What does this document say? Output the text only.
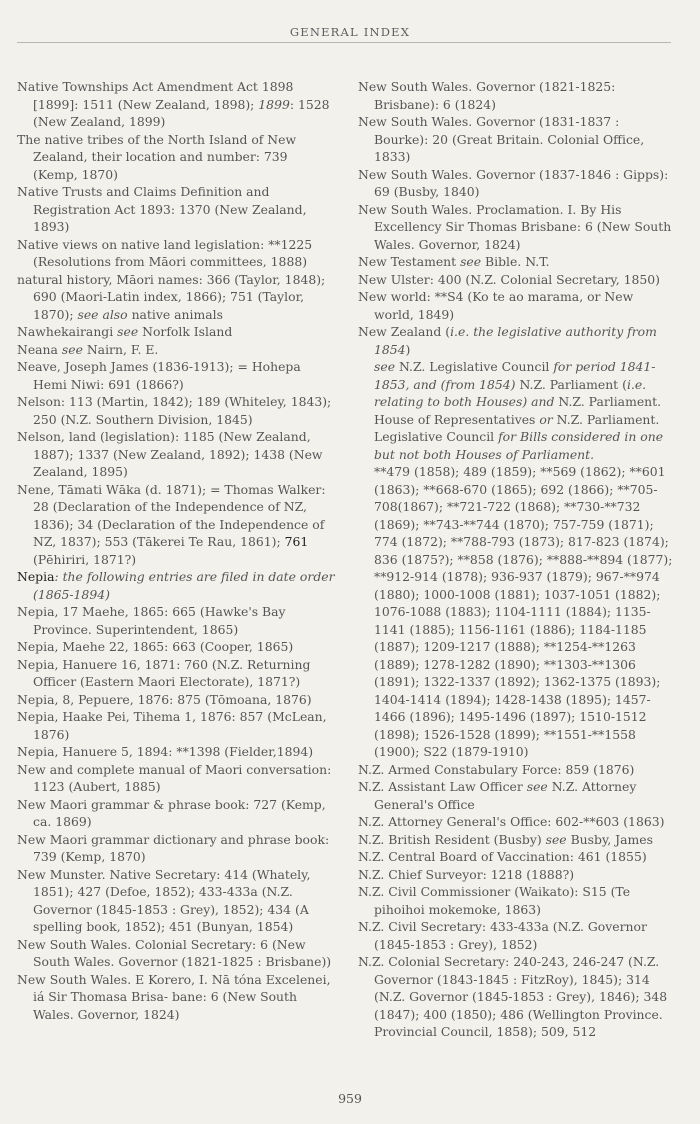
GENERAL INDEX

Native Townships Act Amendment Act 1898 [1899]: 1511 (New Zealand, 1898); 1899: 1528 (New Zealand, 1899)

The native tribes of the North Island of New Zealand, their location and number: 739 (Kemp, 1870)

Native Trusts and Claims Definition and Registration Act 1893: 1370 (New Zealand, 1893)

Native views on native land legislation: **1225 (Resolutions from Māori committees, 1888)

natural history, Māori names: 366 (Taylor, 1848); 690 (Maori-Latin index, 1866); 751 (Taylor, 1870); see also native animals

Nawhekairangi see Norfolk Island

Neana see Nairn, F. E.

Neave, Joseph James (1836-1913); = Hohepa Hemi Niwi: 691 (1866?)

Nelson: 113 (Martin, 1842); 189 (Whiteley, 1843); 250 (N.Z. Southern Division, 1845)

Nelson, land (legislation): 1185 (New Zealand, 1887); 1337 (New Zealand, 1892); 1438 (New Zealand, 1895)

Nene, Tāmati Wāka (d. 1871); = Thomas Walker: 28 (Declaration of the Independence of NZ, 1836); 34 (Declaration of the Independence of NZ, 1837); 553 (Tākerei Te Rau, 1861); 761 (Pēhiriri, 1871?)

Nepia: the following entries are filed in date order (1865-1894)

Nepia, 17 Maehe, 1865: 665 (Hawke's Bay Province. Superintendent, 1865)

Nepia, Maehe 22, 1865: 663 (Cooper, 1865)

Nepia, Hanuere 16, 1871: 760 (N.Z. Returning Officer (Eastern Maori Electorate), 1871?)

Nepia, 8, Pepuere, 1876: 875 (Tōmoana, 1876)

Nepia, Haake Pei, Tihema 1, 1876: 857 (McLean, 1876)

Nepia, Hanuere 5, 1894: **1398 (Fielder,1894)

New and complete manual of Maori conversation: 1123 (Aubert, 1885)

New Maori grammar & phrase book: 727 (Kemp, ca. 1869)

New Maori grammar dictionary and phrase book: 739 (Kemp, 1870)

New Munster. Native Secretary: 414 (Whately, 1851); 427 (Defoe, 1852); 433-433a (N.Z. Governor (1845-1853 : Grey), 1852); 434 (A spelling book, 1852); 451 (Bunyan, 1854)

New South Wales. Colonial Secretary: 6 (New South Wales. Governor (1821-1825 : Brisbane))

New South Wales. E Korero, I. Nā tóna Excelenei, iá Sir Thomasa Brisa- bane: 6 (New South Wales. Governor, 1824)

New South Wales. Governor (1821-1825: Brisbane): 6 (1824)

New South Wales. Governor (1831-1837 : Bourke): 20 (Great Britain. Colonial Office, 1833)

New South Wales. Governor (1837-1846 : Gipps): 69 (Busby, 1840)

New South Wales. Proclamation. I. By His Excellency Sir Thomas Brisbane: 6 (New South Wales. Governor, 1824)

New Testament see Bible. N.T.

New Ulster: 400 (N.Z. Colonial Secretary, 1850)

New world: **S4 (Ko te ao marama, or New world, 1849)

New Zealand (i.e. the legislative authority from 1854)

see N.Z. Legislative Council for period 1841-1853, and (from 1854) N.Z. Parliament (i.e. relating to both Houses) and N.Z. Parliament. House of Representatives or N.Z. Parliament. Legislative Council for Bills considered in one but not both Houses of Parliament.

**479 (1858); 489 (1859); **569 (1862); **601 (1863); **668-670 (1865); 692 (1866); **705-708(1867); **721-722 (1868); **730-**732 (1869); **743-**744 (1870); 757-759 (1871); 774 (1872); **788-793 (1873); 817-823 (1874); 836 (1875?); **858 (1876); **888-**894 (1877); **912-914 (1878); 936-937 (1879); 967-**974 (1880); 1000-1008 (1881); 1037-1051 (1882); 1076-1088 (1883); 1104-1111 (1884); 1135-1141 (1885); 1156-1161 (1886); 1184-1185 (1887); 1209-1217 (1888); **1254-**1263 (1889); 1278-1282 (1890); **1303-**1306 (1891); 1322-1337 (1892); 1362-1375 (1893); 1404-1414 (1894); 1428-1438 (1895); 1457-1466 (1896); 1495-1496 (1897); 1510-1512 (1898); 1526-1528 (1899); **1551-**1558 (1900); S22 (1879-1910)

N.Z. Armed Constabulary Force: 859 (1876)

N.Z. Assistant Law Officer see N.Z. Attorney General's Office

N.Z. Attorney General's Office: 602-**603 (1863)

N.Z. British Resident (Busby) see Busby, James

N.Z. Central Board of Vaccination: 461 (1855)

N.Z. Chief Surveyor: 1218 (1888?)

N.Z. Civil Commissioner (Waikato): S15 (Te pihoihoi mokemoke, 1863)

N.Z. Civil Secretary: 433-433a (N.Z. Governor (1845-1853 : Grey), 1852)

N.Z. Colonial Secretary: 240-243, 246-247 (N.Z. Governor (1843-1845 : FitzRoy), 1845); 314 (N.Z. Governor (1845-1853 : Grey), 1846); 348 (1847); 400 (1850); 486 (Wellington Province. Provincial Council, 1858); 509, 512

959
